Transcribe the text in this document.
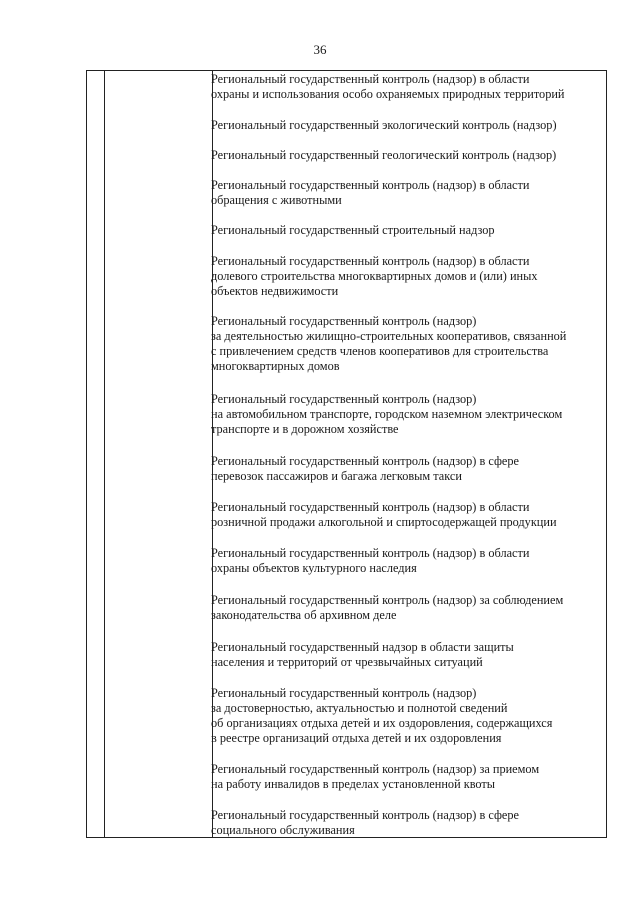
36
Региональный государственный контроль (надзор) в области
охраны и использования особо охраняемых природных территорий
Региональный государственный экологический контроль (надзор)
Региональный государственный геологический контроль (надзор)
Региональный государственный контроль (надзор) в области
обращения с животными
Региональный государственный строительный надзор
Региональный государственный контроль (надзор) в области
долевого строительства многоквартирных домов и (или) иных
объектов недвижимости
Региональный государственный контроль (надзор)
за деятельностью жилищно-строительных кооперативов, связанной
с привлечением средств членов кооперативов для строительства
многоквартирных домов
Региональный государственный контроль (надзор)
на автомобильном транспорте, городском наземном электрическом
транспорте и в дорожном хозяйстве
Региональный государственный контроль (надзор) в сфере
перевозок пассажиров и багажа легковым такси
Региональный государственный контроль (надзор) в области
розничной продажи алкогольной и спиртосодержащей продукции
Региональный государственный контроль (надзор) в области
охраны объектов культурного наследия
Региональный государственный контроль (надзор) за соблюдением
законодательства об архивном деле
Региональный государственный надзор в области защиты
населения и территорий от чрезвычайных ситуаций
Региональный государственный контроль (надзор)
за достоверностью, актуальностью и полнотой сведений
об организациях отдыха детей и их оздоровления, содержащихся
в реестре организаций отдыха детей и их оздоровления
Региональный государственный контроль (надзор) за приемом
на работу инвалидов в пределах установленной квоты
Региональный государственный контроль (надзор) в сфере
социального обслуживания
